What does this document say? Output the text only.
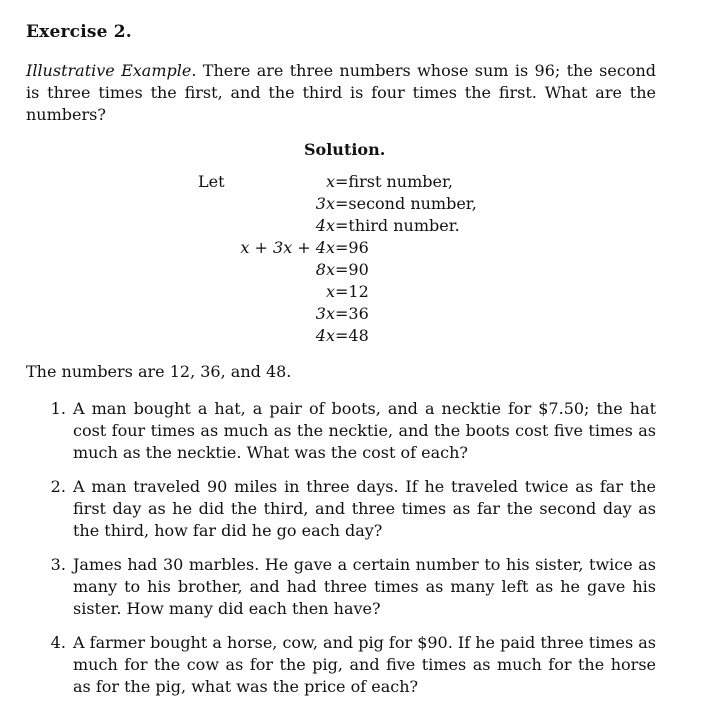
Exercise 2.

Illustrative Example. There are three numbers whose sum is 96; the second is three times the first, and the third is four times the first. What are the numbers?

Solution.
Let	x =first number,
3x =second number,
4x =third number.
x + 3x + 4x =96
8x =90
x =12
3x =36
4x =48
The numbers are 12, 36, and 48.
1. A man bought a hat, a pair of boots, and a necktie for $7.50; the hat cost four times as much as the necktie, and the boots cost five times as much as the necktie. What was the cost of each?
2. A man traveled 90 miles in three days. If he traveled twice as far the first day as he did the third, and three times as far the second day as the third, how far did he go each day?
3. James had 30 marbles. He gave a certain number to his sister, twice as many to his brother, and had three times as many left as he gave his sister. How many did each then have?
4. A farmer bought a horse, cow, and pig for $90. If he paid three times as much for the cow as for the pig, and five times as much for the horse as for the pig, what was the price of each?
